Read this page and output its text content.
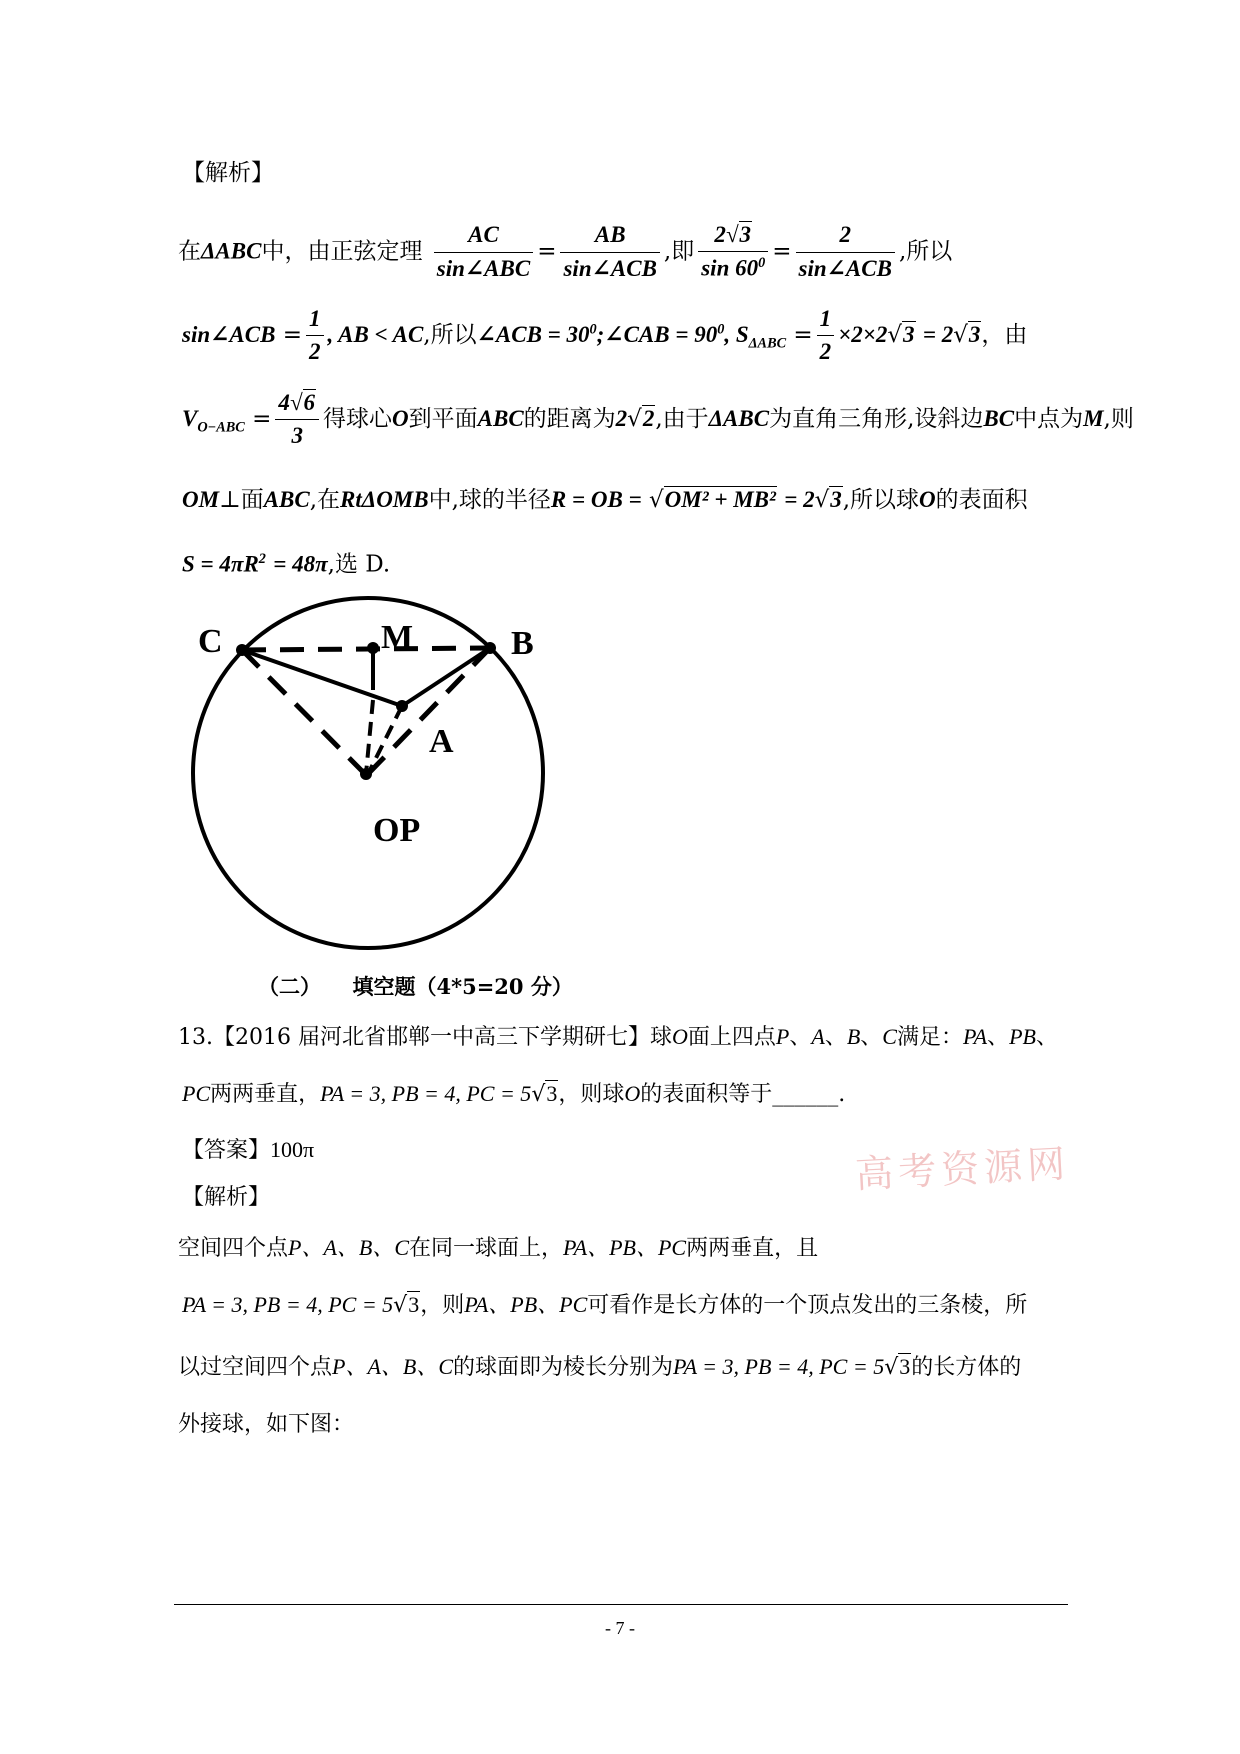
【解析】
在ΔABC中，由正弦定理 $\frac{AC}{\text{sin∠ABC}} = \frac{AB}{\text{sin∠ACB}}$ ,即 $\frac{2√3}{\sin 60^0} = \frac{2}{\text{sin∠ACB}}$ ,所以
sin∠ACB = $\frac{1}{2}$ , AB < AC,所以∠ACB = $30^0;\angle CAB = 90^0$, $S_{\Delta ABC} = \frac{1}{2} \times 2\times 2√3 = 2√3$，由
$V_{O-ABC} = \frac{4√6}{3}$ 得球心O到平面ABC的距离为2√2,由于ΔABC为直角三角形,设斜边BC中点为M,则
OM⊥面ABC,在RtΔOMB中,球的半径R = OB = √OM² + MB² = 2√3,所以球O的表面积
$S = 4\pi R^2 = 48\pi$,选 D.
C	M	B
A
OP
（二）　　填空题（4*5=20 分）
13.【2016 届河北省邯郸一中高三下学期研七】球O面上四点P、A、B、C满足：PA、PB、
PC两两垂直，PA = 3, PB = 4, PC = 5√3，则球O的表面积等于______.
【答案】100π
【解析】
空间四个点P、A、B、C在同一球面上，PA、PB、PC两两垂直，且
PA = 3, PB = 4, PC = 5√3，则PA、PB、PC可看作是长方体的一个顶点发出的三条棱，所
以过空间四个点P、A、B、C的球面即为棱长分别为PA = 3, PB = 4, PC = 5√3的长方体的
外接球，如下图：
高考资源网
- 7 -
